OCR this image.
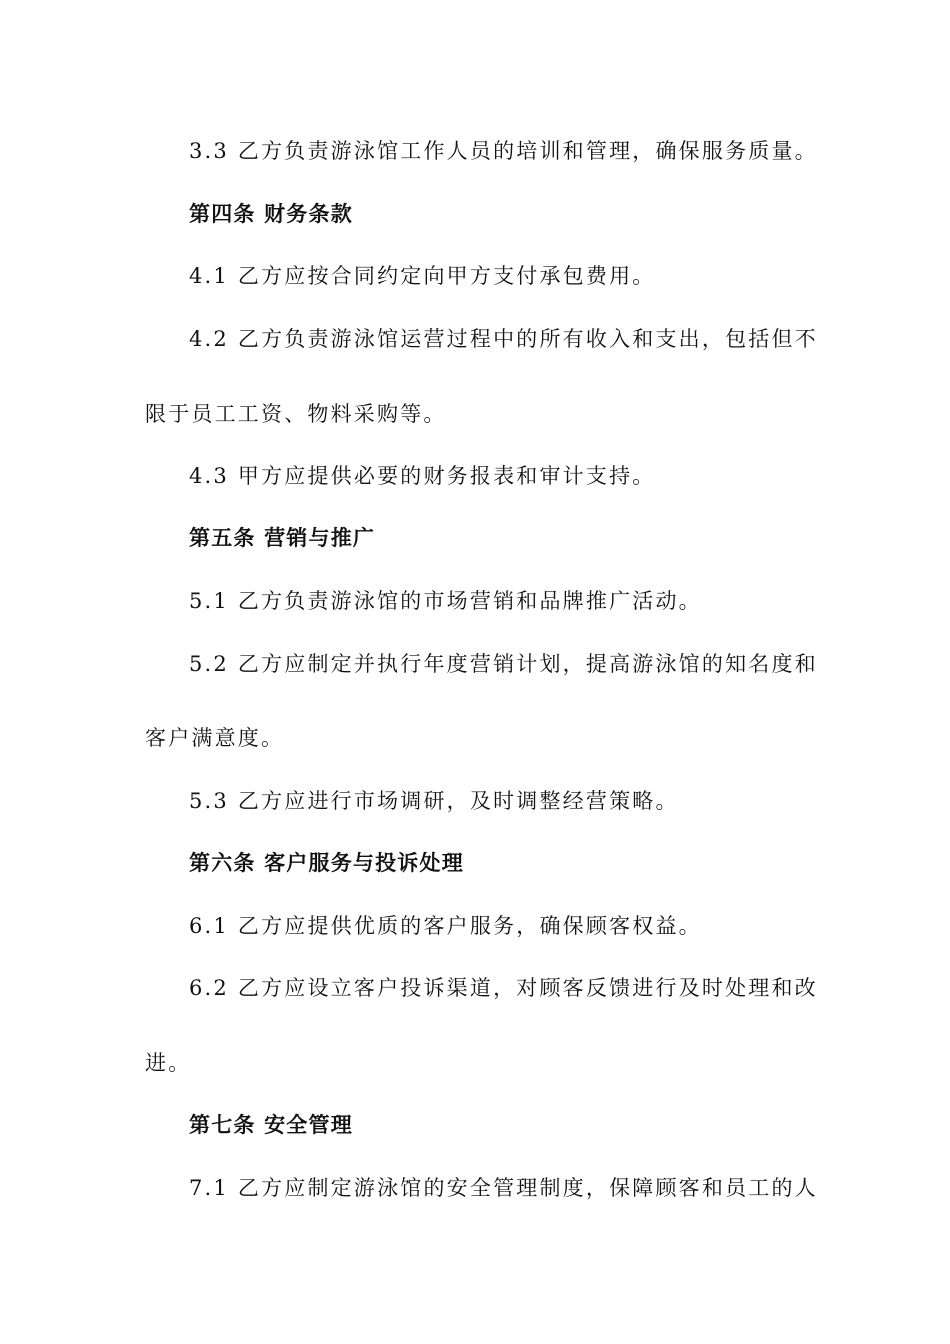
3.3 乙方负责游泳馆工作人员的培训和管理，确保服务质量。
第四条 财务条款
4.1 乙方应按合同约定向甲方支付承包费用。
4.2 乙方负责游泳馆运营过程中的所有收入和支出，包括但不
限于员工工资、物料采购等。
4.3 甲方应提供必要的财务报表和审计支持。
第五条 营销与推广
5.1 乙方负责游泳馆的市场营销和品牌推广活动。
5.2 乙方应制定并执行年度营销计划，提高游泳馆的知名度和
客户满意度。
5.3 乙方应进行市场调研，及时调整经营策略。
第六条 客户服务与投诉处理
6.1 乙方应提供优质的客户服务，确保顾客权益。
6.2 乙方应设立客户投诉渠道，对顾客反馈进行及时处理和改
进。
第七条 安全管理
7.1 乙方应制定游泳馆的安全管理制度，保障顾客和员工的人
